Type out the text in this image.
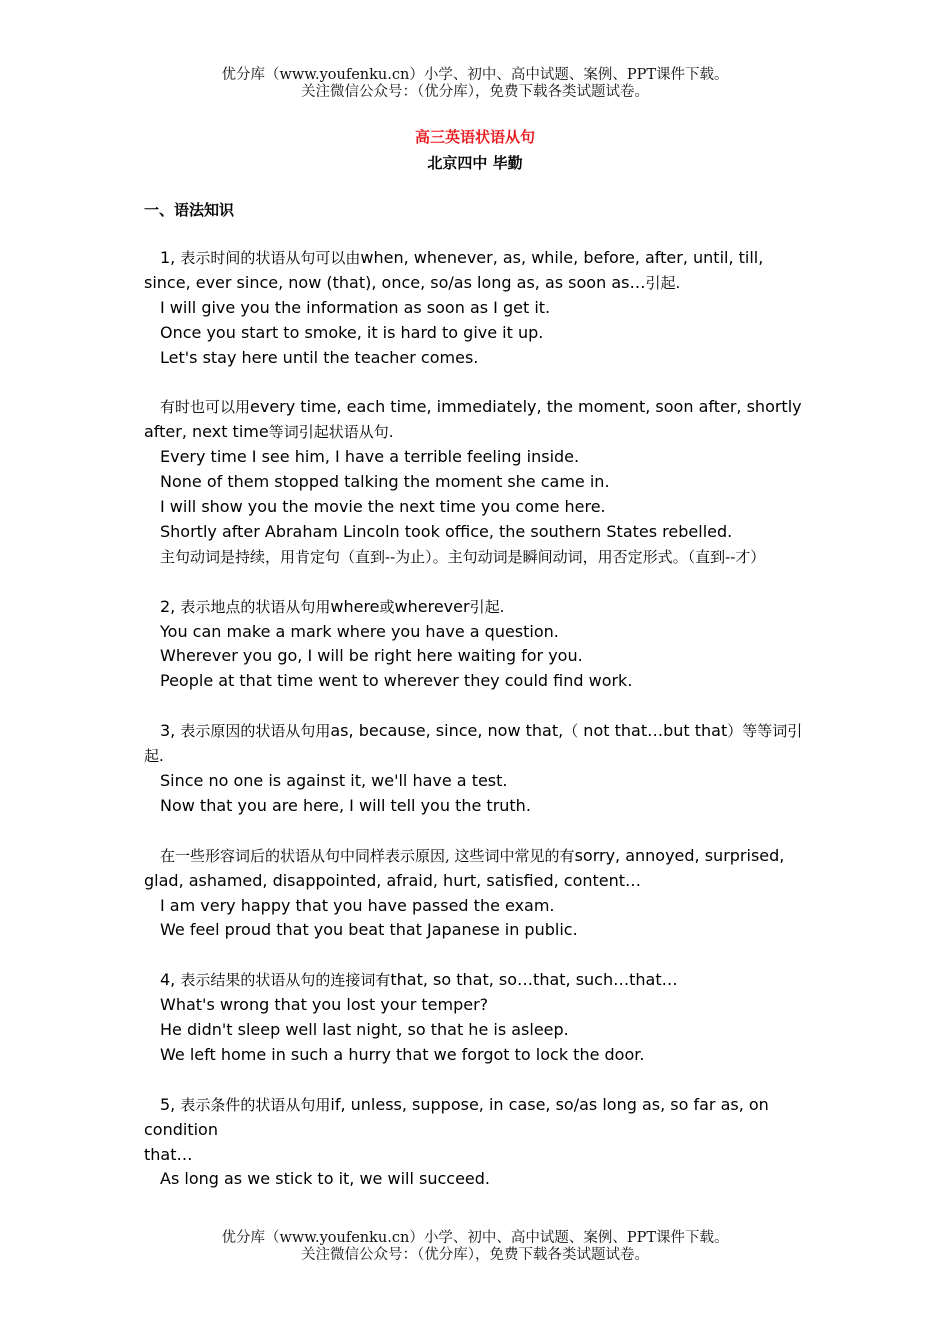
优分库（www.youfenku.cn）小学、初中、高中试题、案例、PPT课件下载。
关注微信公众号：（优分库），免费下载各类试题试卷。
高三英语状语从句
北京四中 毕勤
一、语法知识

1, 表示时间的状语从句可以由when, whenever, as, while, before, after, until, till, since, ever since, now (that), once, so/as long as, as soon as…引起.

I will give you the information as soon as I get it.

Once you start to smoke, it is hard to give it up.

Let's stay here until the teacher comes.

有时也可以用every time, each time, immediately, the moment, soon after, shortly after, next time等词引起状语从句.

Every time I see him, I have a terrible feeling inside.

None of them stopped talking the moment she came in.

I will show you the movie the next time you come here.

Shortly after Abraham Lincoln took office, the southern States rebelled.

主句动词是持续，用肯定句（直到--为止）。主句动词是瞬间动词，用否定形式。（直到--才）

2, 表示地点的状语从句用where或wherever引起.

You can make a mark where you have a question.

Wherever you go, I will be right here waiting for you.

People at that time went to wherever they could find work.

3, 表示原因的状语从句用as, because, since, now that,（ not that…but that）等等词引起.

Since no one is against it, we'll have a test.

Now that you are here, I will tell you the truth.

在一些形容词后的状语从句中同样表示原因, 这些词中常见的有sorry, annoyed, surprised, glad, ashamed, disappointed, afraid, hurt, satisfied, content…

I am very happy that you have passed the exam.

We feel proud that you beat that Japanese in public.

4, 表示结果的状语从句的连接词有that, so that, so…that, such…that…

What's wrong that you lost your temper?

He didn't sleep well last night, so that he is asleep.

We left home in such a hurry that we forgot to lock the door.

5, 表示条件的状语从句用if, unless, suppose, in case, so/as long as, so far as, on condition

that…

As long as we stick to it, we will succeed.

优分库（www.youfenku.cn）小学、初中、高中试题、案例、PPT课件下载。
关注微信公众号：（优分库），免费下载各类试题试卷。
